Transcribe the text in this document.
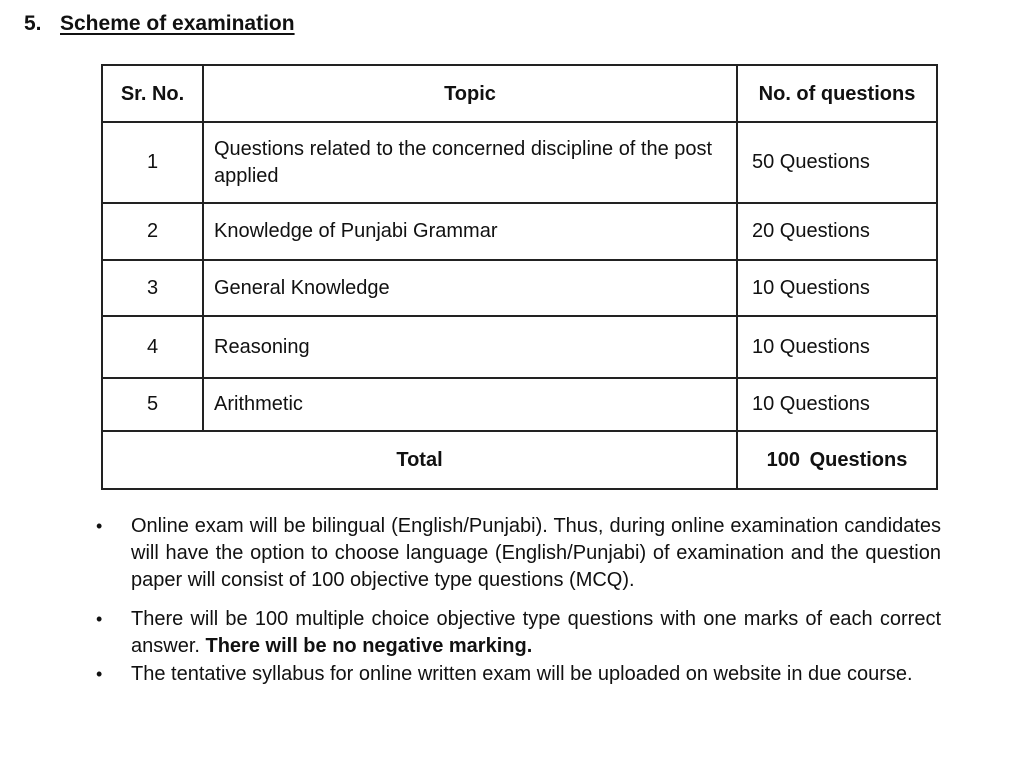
5. Scheme of examination
Sr. No.	Topic	No. of questions
1	Questions related to the concerned discipline of the post applied	50 Questions
2	Knowledge of Punjabi Grammar	20 Questions
3	General Knowledge	10 Questions
4	Reasoning	10 Questions
5	Arithmetic	10 Questions
Total		100 Questions
• Online exam will be bilingual (English/Punjabi). Thus, during online examination candidates will have the option to choose language (English/Punjabi) of examination and the question paper will consist of 100 objective type questions (MCQ).
• There will be 100 multiple choice objective type questions with one marks of each correct answer. There will be no negative marking.
• The tentative syllabus for online written exam will be uploaded on website in due course.
